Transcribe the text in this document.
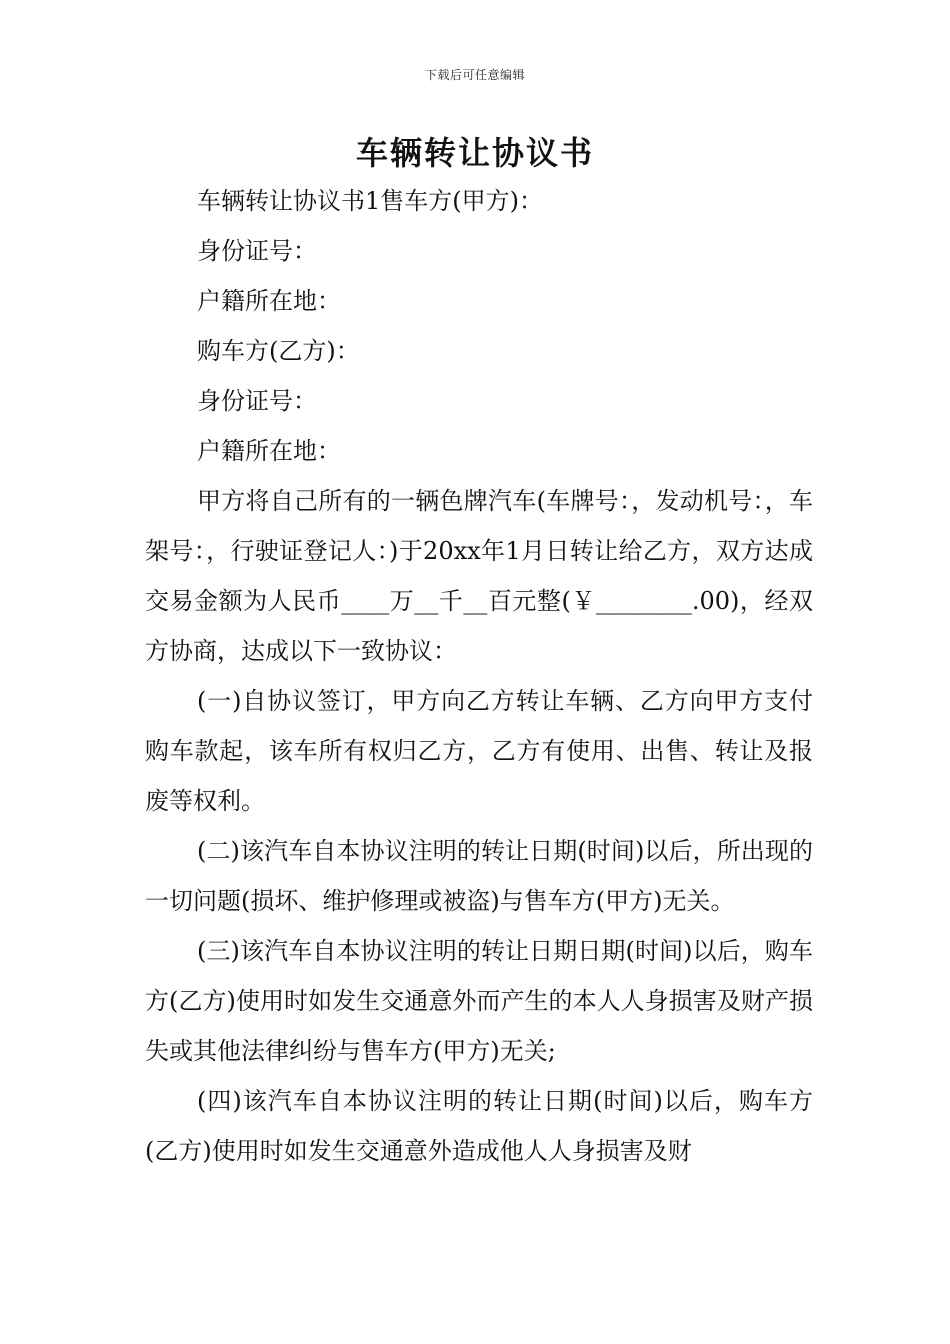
下载后可任意编辑
车辆转让协议书

车辆转让协议书1售车方(甲方)：

身份证号：

户籍所在地：

购车方(乙方)：

身份证号：

户籍所在地：

甲方将自己所有的一辆色牌汽车(车牌号：，发动机号：，车架号：，行驶证登记人：)于20xx年1月日转让给乙方，双方达成交易金额为人民币____万__千__百元整(￥________.00)，经双方协商，达成以下一致协议：

(一)自协议签订，甲方向乙方转让车辆、乙方向甲方支付购车款起，该车所有权归乙方，乙方有使用、出售、转让及报废等权利。

(二)该汽车自本协议注明的转让日期(时间)以后，所出现的一切问题(损坏、维护修理或被盗)与售车方(甲方)无关。

(三)该汽车自本协议注明的转让日期日期(时间)以后，购车方(乙方)使用时如发生交通意外而产生的本人人身损害及财产损失或其他法律纠纷与售车方(甲方)无关;

(四)该汽车自本协议注明的转让日期(时间)以后，购车方(乙方)使用时如发生交通意外造成他人人身损害及财
